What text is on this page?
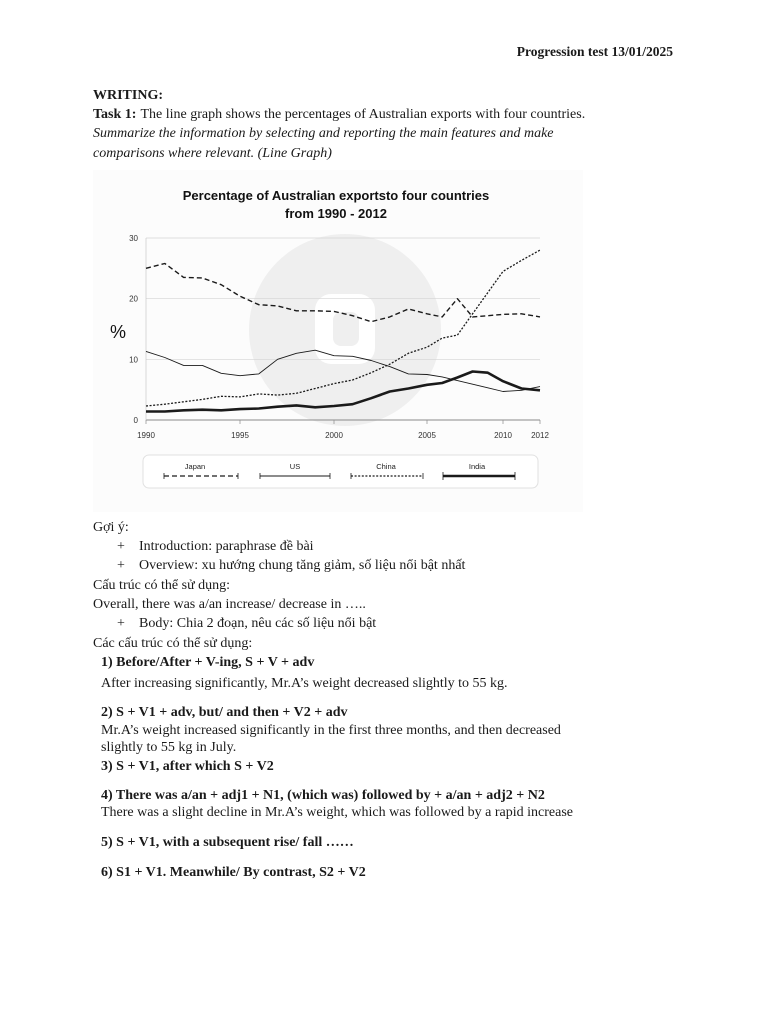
Progression test 13/01/2025
WRITING:
Task 1: The line graph shows the percentages of Australian exports with four countries.
Summarize the information by selecting and reporting the main features and make
comparisons where relevant. (Line Graph)
Percentage of Australian exportsto four countries
from 1990 - 2012
%
0
10
20
30
1990	1995	2000	2005	2010 2012
Japan	US	China	India
Gợi ý:
+ Introduction: paraphrase đề bài
+ Overview: xu hướng chung tăng giảm, số liệu nổi bật nhất
Cấu trúc có thể sử dụng:
Overall, there was a/an increase/ decrease in …..
+ Body: Chia 2 đoạn, nêu các số liệu nổi bật
Các cấu trúc có thể sử dụng:
1) Before/After + V-ing, S + V + adv
After increasing significantly, Mr.A’s weight decreased slightly to 55 kg.
2) S + V1 + adv, but/ and then + V2 + adv
Mr.A’s weight increased significantly in the first three months, and then decreased
slightly to 55 kg in July.
3) S + V1, after which S + V2
4) There was a/an + adj1 + N1, (which was) followed by + a/an + adj2 + N2
There was a slight decline in Mr.A’s weight, which was followed by a rapid increase
5) S + V1, with a subsequent rise/ fall ……
6) S1 + V1. Meanwhile/ By contrast, S2 + V2
